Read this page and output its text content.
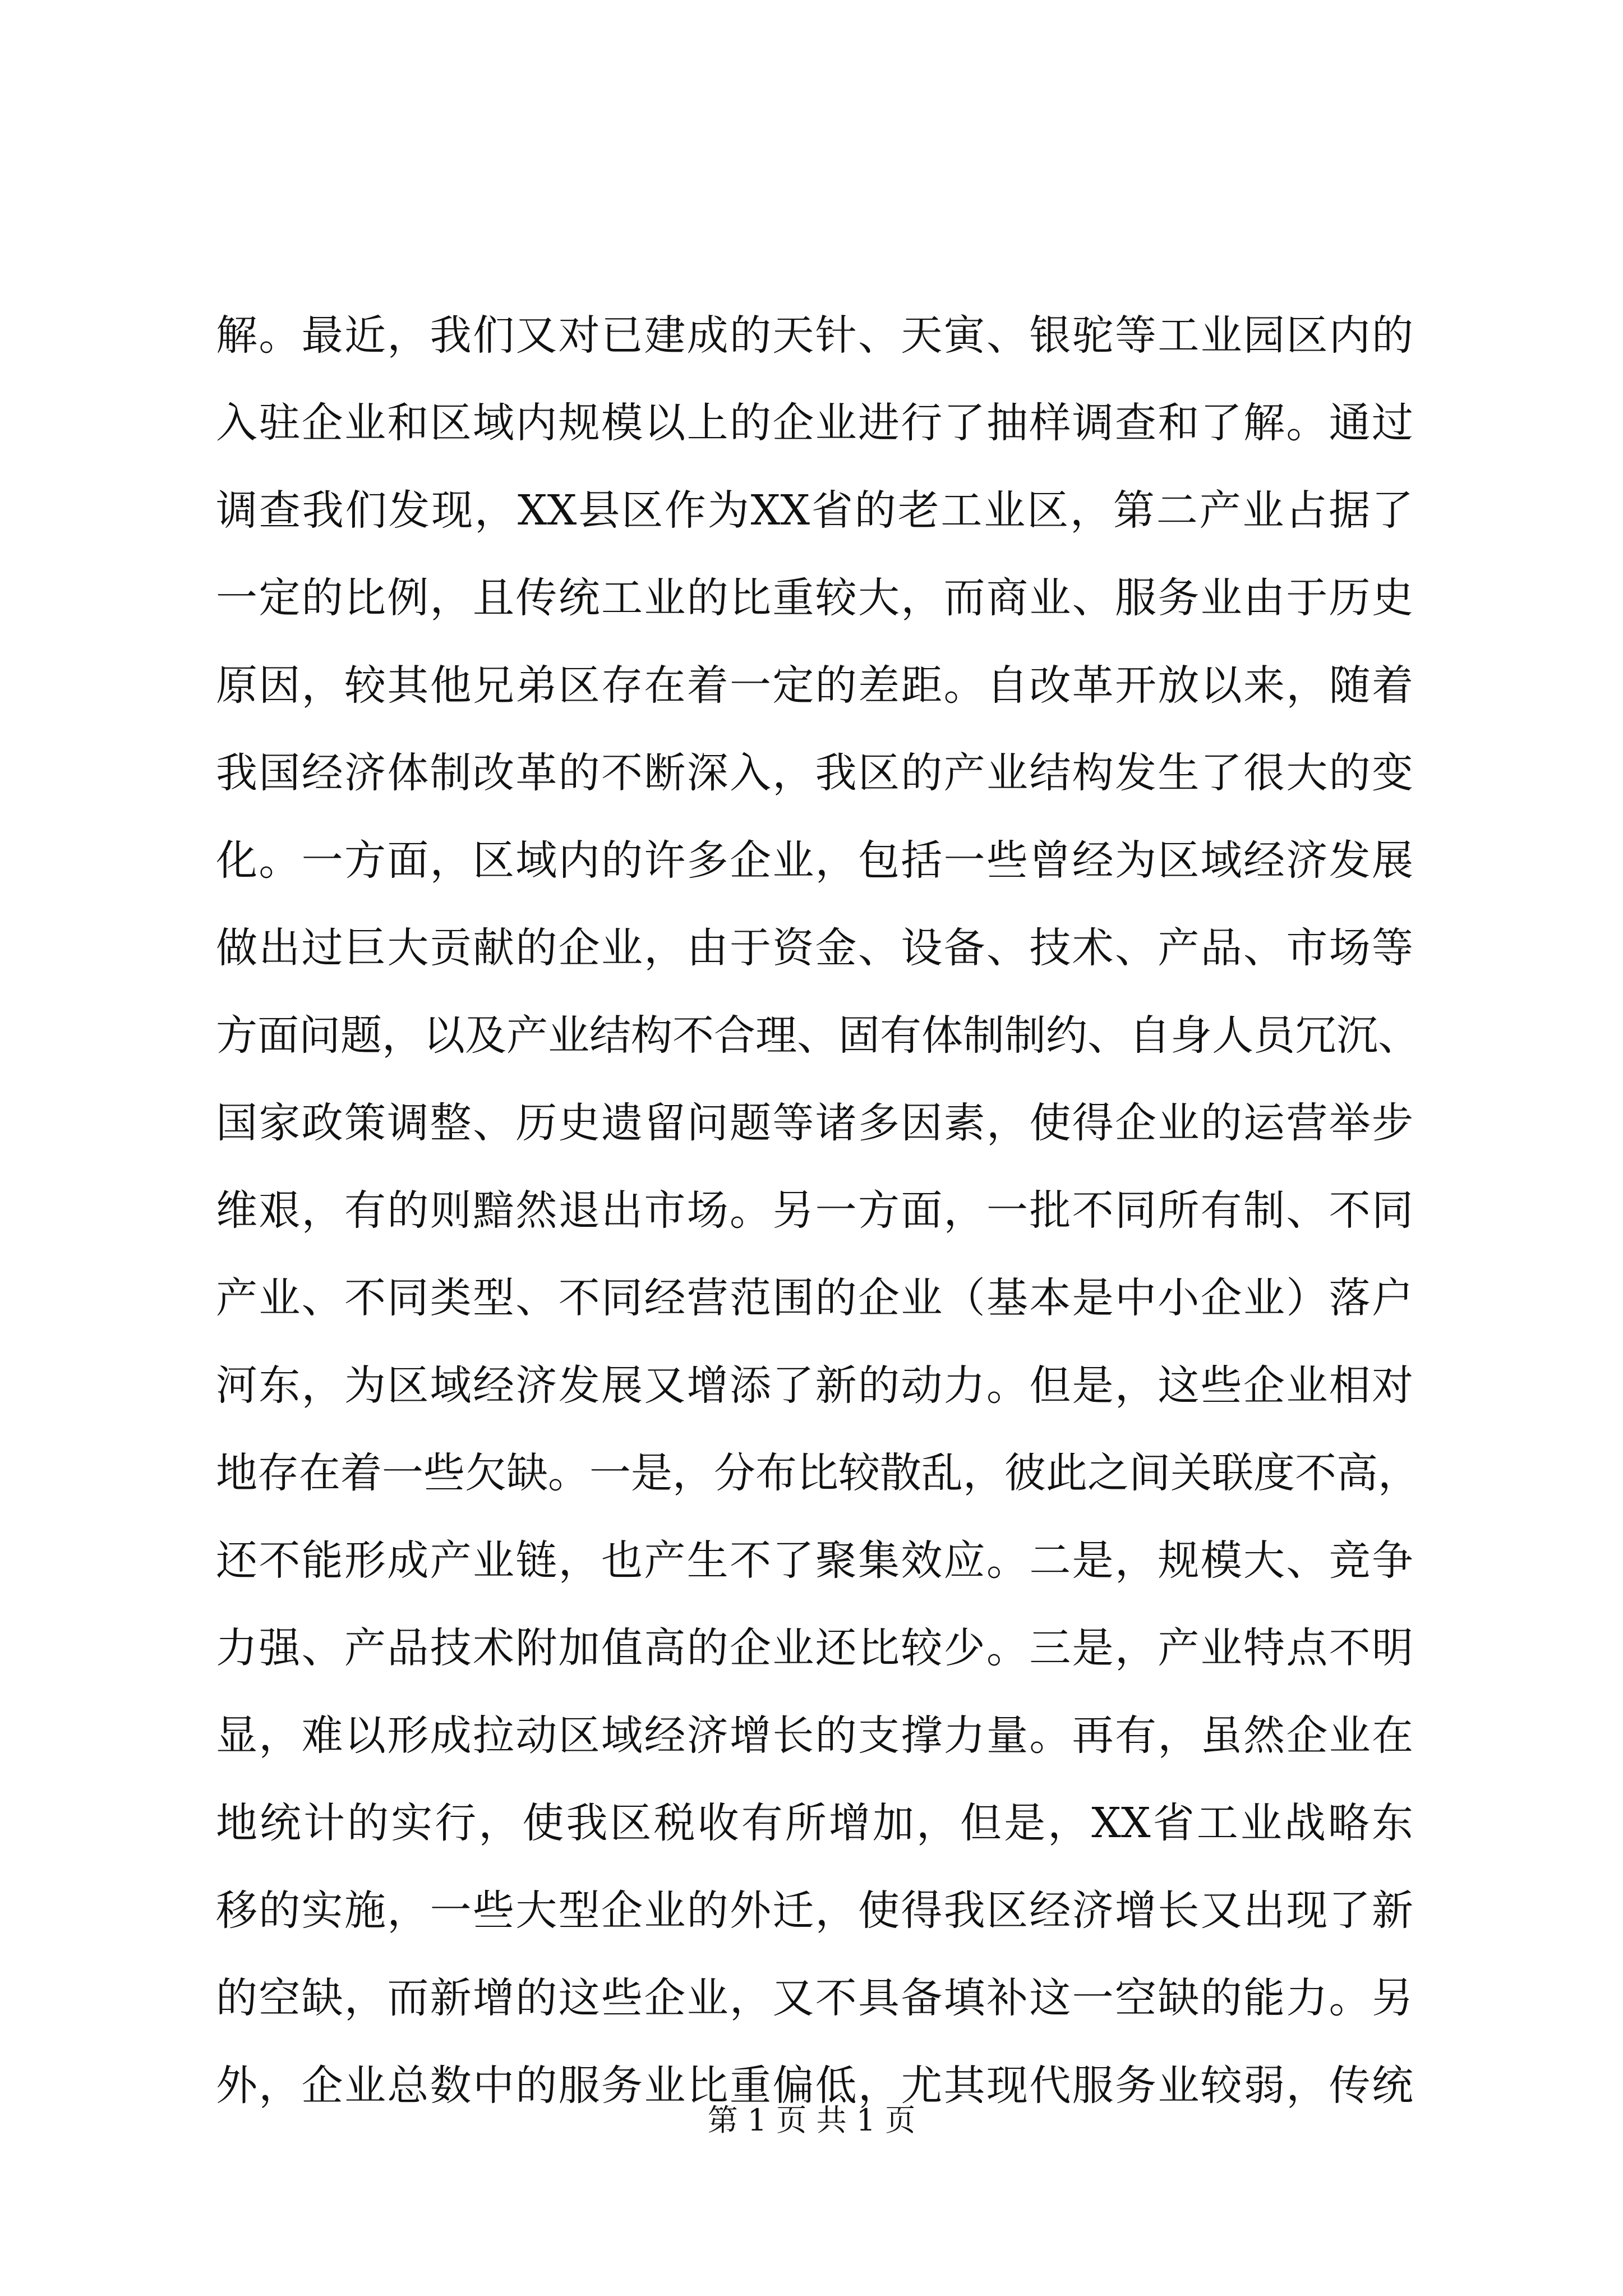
解。最近，我们又对已建成的天针、天寅、银驼等工业园区内的
入驻企业和区域内规模以上的企业进行了抽样调查和了解。通过
调查我们发现，XX县区作为XX省的老工业区，第二产业占据了
一定的比例，且传统工业的比重较大，而商业、服务业由于历史
原因，较其他兄弟区存在着一定的差距。自改革开放以来，随着
我国经济体制改革的不断深入，我区的产业结构发生了很大的变
化。一方面，区域内的许多企业，包括一些曾经为区域经济发展
做出过巨大贡献的企业，由于资金、设备、技术、产品、市场等
方面问题，以及产业结构不合理、固有体制制约、自身人员冗沉、
国家政策调整、历史遗留问题等诸多因素，使得企业的运营举步
维艰，有的则黯然退出市场。另一方面，一批不同所有制、不同
产业、不同类型、不同经营范围的企业（基本是中小企业）落户
河东，为区域经济发展又增添了新的动力。但是，这些企业相对
地存在着一些欠缺。一是，分布比较散乱，彼此之间关联度不高，
还不能形成产业链，也产生不了聚集效应。二是，规模大、竞争
力强、产品技术附加值高的企业还比较少。三是，产业特点不明
显，难以形成拉动区域经济增长的支撑力量。再有，虽然企业在
地统计的实行，使我区税收有所增加，但是，XX省工业战略东
移的实施，一些大型企业的外迁，使得我区经济增长又出现了新
的空缺，而新增的这些企业，又不具备填补这一空缺的能力。另
外，企业总数中的服务业比重偏低，尤其现代服务业较弱，传统
第 1 页 共 1 页
